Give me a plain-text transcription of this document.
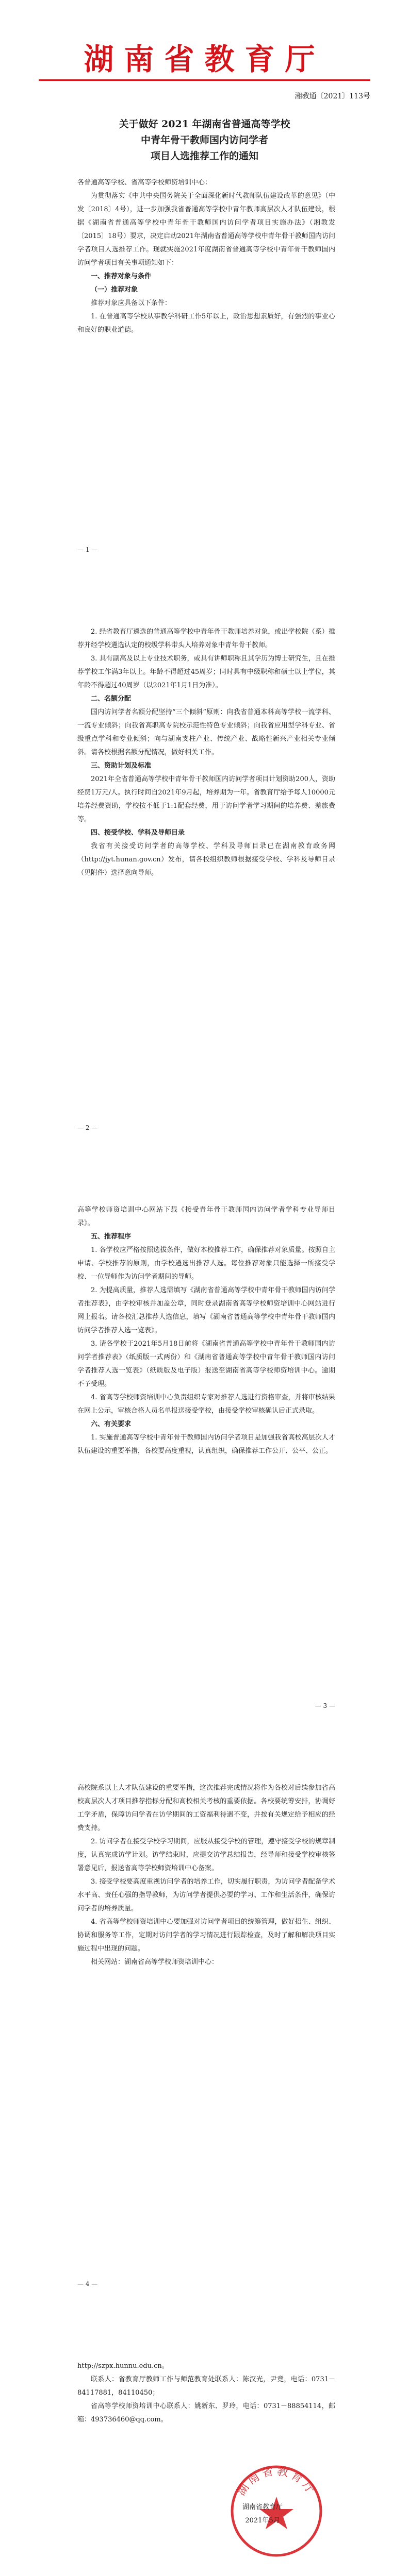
湖南省教育厅
湘教通〔2021〕113号
关于做好 2021 年湖南省普通高等学校
中青年骨干教师国内访问学者
项目人选推荐工作的通知

各普通高等学校、省高等学校师资培训中心：

为贯彻落实《中共中央国务院关于全面深化新时代教师队伍建设改革的意见》（中发〔2018〕4号），进一步加强我省普通高等学校中青年教师高层次人才队伍建设，根据《湖南省普通高等学校中青年骨干教师国内访问学者项目实施办法》（湘教发〔2015〕18号）要求，决定启动2021年湖南省普通高等学校中青年骨干教师国内访问学者项目人选推荐工作。现就实施2021年度湖南省普通高等学校中青年骨干教师国内访问学者项目有关事项通知如下：

一、推荐对象与条件

（一）推荐对象

推荐对象应具备以下条件：

1. 在普通高等学校从事教学科研工作5年以上，政治思想素质好，有强烈的事业心和良好的职业道德。

— 1 —

2. 经省教育厅遴选的普通高等学校中青年骨干教师培养对象，或出学校院（系）推荐并经学校遴选认定的校级学科带头人培养对象中青年骨干教师。

3. 具有副高及以上专业技术职务，或具有讲师职称且其学历为博士研究生，且在推荐学校工作满3年以上。年龄不得超过45周岁；同时具有中级职称和硕士以上学位，其年龄不得超过40周岁（以2021年1月1日为准）。

二、名额分配

国内访问学者名额分配坚持“三个倾斜”原则：向我省普通本科高等学校一流学科、一流专业倾斜；向我省高职高专院校示范性特色专业倾斜；向我省应用型学科专业、省级重点学科和专业倾斜；向与湖南支柱产业、传统产业、战略性新兴产业相关专业倾斜。请各校根据名额分配情况，做好相关工作。

三、资助计划及标准

2021年全省普通高等学校中青年骨干教师国内访问学者项目计划资助200人，资助经费1万元/人。执行时间自2021年9月起，培养期为一年。省教育厅给予每人10000元培养经费资助，学校按不低于1:1配套经费，用于访问学者学习期间的培养费、差旅费等。

四、接受学校、学科及导师目录

我省有关接受访问学者的高等学校、学科及导师目录已在湖南教育政务网（http://jyt.hunan.gov.cn）发布，请各校组织教师根据接受学校、学科及导师目录（见附件）选择意向导师。

— 2 —

高等学校师资培训中心网站下载《接受青年骨干教师国内访问学者学科专业导师目录》。

五、推荐程序

1. 各学校应严格按照选拔条件，做好本校推荐工作，确保推荐对象质量。按照自主申请、学校推荐的原则，由学校遴选出推荐人选。每位推荐对象只能选择一所接受学校、一位导师作为访问学者期间的导师。

2. 为提高质量，推荐人选需填写《湖南省普通高等学校中青年骨干教师国内访问学者推荐表》，由学校审核并加盖公章，同时登录湖南省高等学校师资培训中心网站进行网上报名。请各校汇总推荐人选信息，填写《湖南省普通高等学校中青年骨干教师国内访问学者推荐人选一览表》。

3. 请各学校于2021年5月18日前将《湖南省普通高等学校中青年骨干教师国内访问学者推荐表》（纸质版一式两份）和《湖南省普通高等学校中青年骨干教师国内访问学者推荐人选一览表》（纸质版及电子版）报送至湖南省高等学校师资培训中心。逾期不予受理。

4. 省高等学校师资培训中心负责组织专家对推荐人选进行资格审查，并将审核结果在网上公示，审核合格人员名单报送接受学校，由接受学校审核确认后正式录取。

六、有关要求

1. 实施普通高等学校中青年骨干教师国内访问学者项目是加强我省高校高层次人才队伍建设的重要举措，各校要高度重视，认真组织，确保推荐工作公开、公平、公正。

— 3 —

高校院系以上人才队伍建设的重要举措，这次推荐完成情况将作为各校对后续参加省高校高层次人才项目推荐指标分配和高校相关考核的重要依据。各校要统筹安排，协调好工学矛盾，保障访问学者在访学期间的工资福利待遇不变，并按有关规定给予相应的经费支持。

2. 访问学者在接受学校学习期间，应服从接受学校的管理，遵守接受学校的规章制度，认真完成访学计划。访学结束时，应提交访学总结报告，经导师和接受学校审核签署意见后，报送省高等学校师资培训中心备案。

3. 接受学校要高度重视访问学者的培养工作，切实履行职责，为访问学者配备学术水平高、责任心强的指导教师，为访问学者提供必要的学习、工作和生活条件，确保访问学者的培养质量。

4. 省高等学校师资培训中心要加强对访问学者项目的统筹管理，做好招生、组织、协调和服务等工作，定期对访问学者的学习情况进行跟踪检查，及时了解和解决项目实施过程中出现的问题。

相关网站：湖南省高等学校师资培训中心：

— 4 —

http://szpx.hunnu.edu.cn。

联系人：省教育厅教师工作与师范教育处联系人：陈汉光，尹竟，电话：0731－84117881，84110450；

省高等学校师资培训中心联系人：姚新东、罗玲，电话：0731－88854114，邮箱：493736460@qq.com。

湖南省教育厅
湖南省教育厅
2021年5月
